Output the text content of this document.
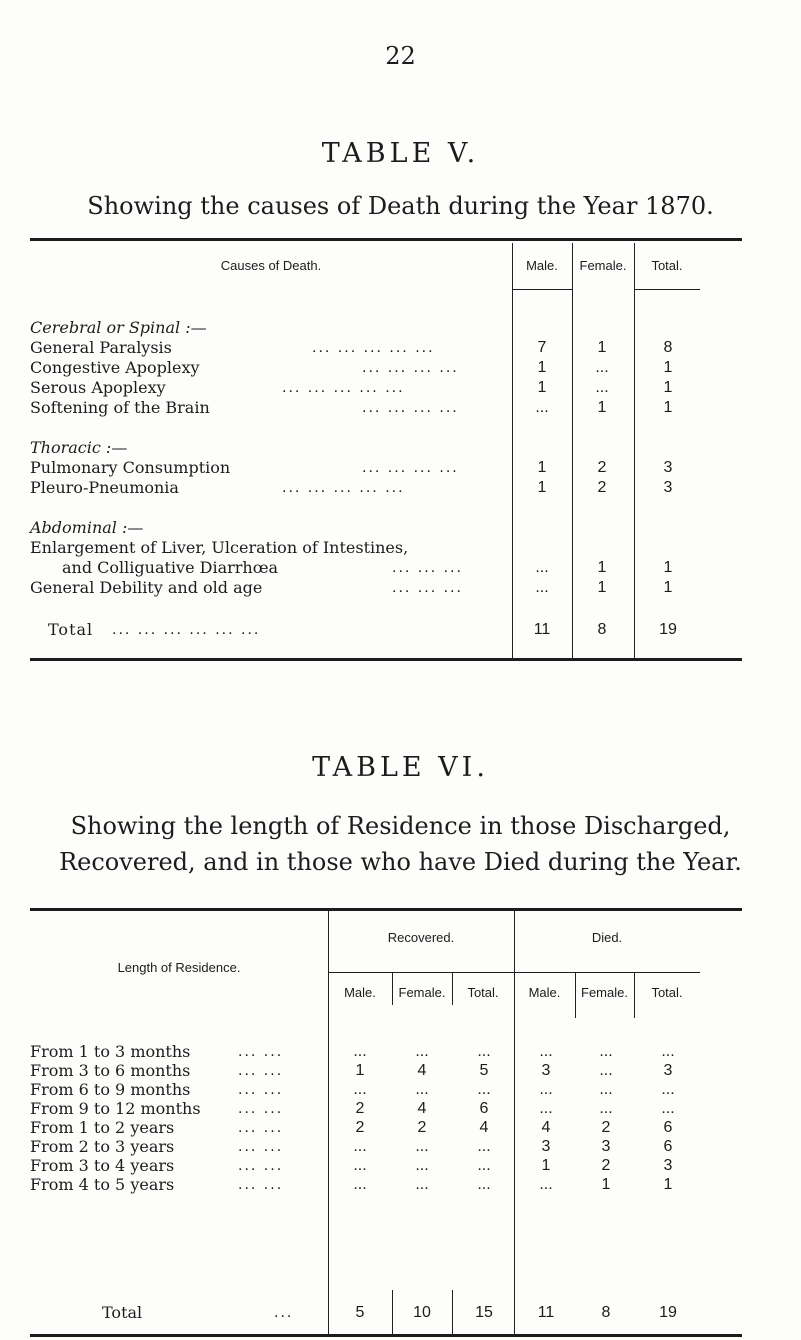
22
TABLE V.
Showing the causes of Death during the Year 1870.
Causes of Death.	Male.	Female.	Total.
Cerebral or Spinal :—
General Paralysis	... ... ... ... ...	7	1	8
Congestive Apoplexy	... ... ... ...	1	...	1
Serous Apoplexy	... ... ... ... ...	1	...	1
Softening of the Brain	... ... ... ...	...	1	1
Thoracic :—
Pulmonary Consumption	... ... ... ...	1	2	3
Pleuro-Pneumonia	... ... ... ... ...	1	2	3
Abdominal :—
Enlargement of Liver, Ulceration of Intestines,
and Colliguative Diarrhœa	... ... ...	...	1	1
General Debility and old age	... ... ...	...	1	1
Total ... ... ... ... ... ...	11	8	19
TABLE VI.
Showing the length of Residence in those Discharged, Recovered, and in those who have Died during the Year.
Length of Residence.
Recovered.	Died.
Male.	Female.	Total.	Male.	Female.	Total.
From 1 to 3 months	... ...	...	...	...	...	...	...
From 3 to 6 months	... ...	1	4	5	3	...	3
From 6 to 9 months	... ...	...	...	...	...	...	...
From 9 to 12 months	... ...	2	4	6	...	...	...
From 1 to 2 years	... ...	2	2	4	4	2	6
From 2 to 3 years	... ...	...	...	...	3	3	6
From 3 to 4 years	... ...	...	...	...	1	2	3
From 4 to 5 years	... ...	...	...	...	...	1	1
Total	...	5	10	15	11	8	19
